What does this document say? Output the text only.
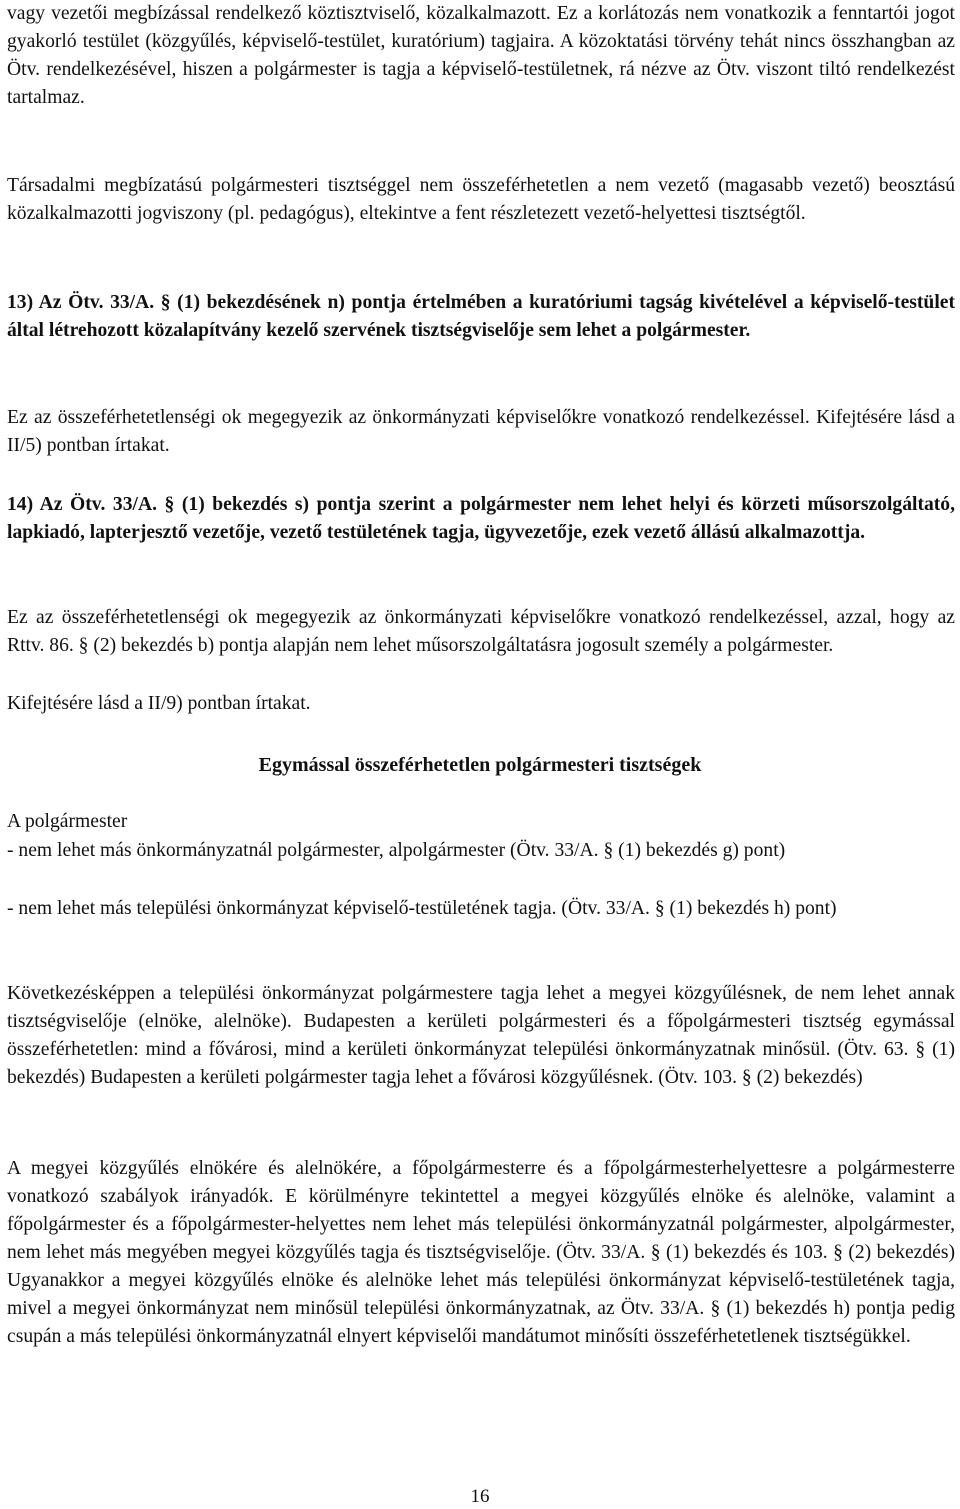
vagy vezetői megbízással rendelkező köztisztviselő, közalkalmazott. Ez a korlátozás nem vonatkozik a fenntartói jogot gyakorló testület (közgyűlés, képviselő-testület, kuratórium) tagjaira. A közoktatási törvény tehát nincs összhangban az Ötv. rendelkezésével, hiszen a polgármester is tagja a képviselő-testületnek, rá nézve az Ötv. viszont tiltó rendelkezést tartalmaz.
Társadalmi megbízatású polgármesteri tisztséggel nem összeférhetetlen a nem vezető (magasabb vezető) beosztású közalkalmazotti jogviszony (pl. pedagógus), eltekintve a fent részletezett vezető-helyettesi tisztségtől.
13) Az Ötv. 33/A. § (1) bekezdésének n) pontja értelmében a kuratóriumi tagság kivételével a képviselő-testület által létrehozott közalapítvány kezelő szervének tisztségviselője sem lehet a polgármester.
Ez az összeférhetetlenségi ok megegyezik az önkormányzati képviselőkre vonatkozó rendelkezéssel. Kifejtésére lásd a II/5) pontban írtakat.
14) Az Ötv. 33/A. § (1) bekezdés s) pontja szerint a polgármester nem lehet helyi és körzeti műsorszolgáltató, lapkiadó, lapterjesztő vezetője, vezető testületének tagja, ügyvezetője, ezek vezető állású alkalmazottja.
Ez az összeférhetetlenségi ok megegyezik az önkormányzati képviselőkre vonatkozó rendelkezéssel, azzal, hogy az Rttv. 86. § (2) bekezdés b) pontja alapján nem lehet műsorszolgáltatásra jogosult személy a polgármester.
Kifejtésére lásd a II/9) pontban írtakat.
Egymással összeférhetetlen polgármesteri tisztségek
A polgármester
- nem lehet más önkormányzatnál polgármester, alpolgármester (Ötv. 33/A. § (1) bekezdés g) pont)
- nem lehet más települési önkormányzat képviselő-testületének tagja. (Ötv. 33/A. § (1) bekezdés h) pont)
Következésképpen a települési önkormányzat polgármestere tagja lehet a megyei közgyűlésnek, de nem lehet annak tisztségviselője (elnöke, alelnöke). Budapesten a kerületi polgármesteri és a főpolgármesteri tisztség egymással összeférhetetlen: mind a fővárosi, mind a kerületi önkormányzat települési önkormányzatnak minősül. (Ötv. 63. § (1) bekezdés) Budapesten a kerületi polgármester tagja lehet a fővárosi közgyűlésnek. (Ötv. 103. § (2) bekezdés)
A megyei közgyűlés elnökére és alelnökére, a főpolgármesterre és a főpolgármesterhelyettesre a polgármesterre vonatkozó szabályok irányadók. E körülményre tekintettel a megyei közgyűlés elnöke és alelnöke, valamint a főpolgármester és a főpolgármester-helyettes nem lehet más települési önkormányzatnál polgármester, alpolgármester, nem lehet más megyében megyei közgyűlés tagja és tisztségviselője. (Ötv. 33/A. § (1) bekezdés és 103. § (2) bekezdés) Ugyanakkor a megyei közgyűlés elnöke és alelnöke lehet más települési önkormányzat képviselő-testületének tagja, mivel a megyei önkormányzat nem minősül települési önkormányzatnak, az Ötv. 33/A. § (1) bekezdés h) pontja pedig csupán a más települési önkormányzatnál elnyert képviselői mandátumot minősíti összeférhetetlenek tisztségükkel.
16
